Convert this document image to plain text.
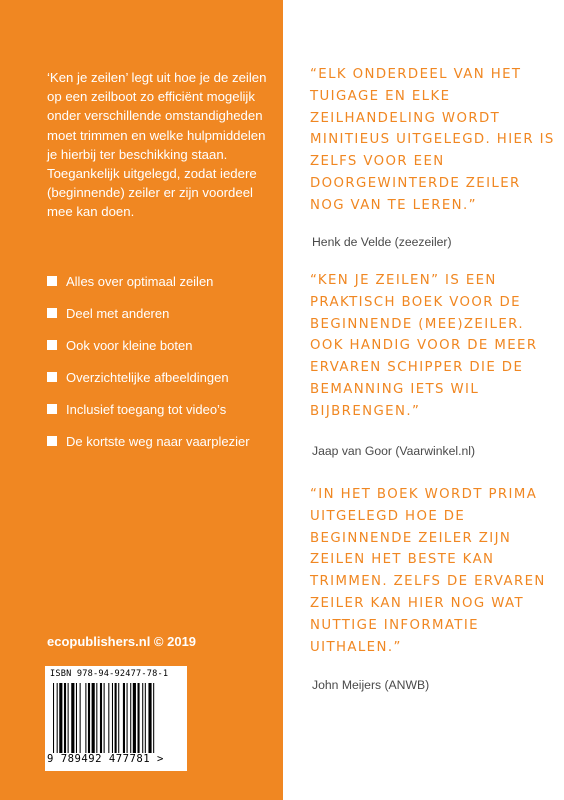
‘Ken je zeilen’ legt uit hoe je de zeilen op een zeilboot zo efficiënt mogelijk onder verschillende omstandigheden moet trimmen en welke hulpmiddelen je hierbij ter beschikking staan. Toegankelijk uitgelegd, zodat iedere (beginnende) zeiler er zijn voordeel mee kan doen.

Alles over optimaal zeilen
Deel met anderen
Ook voor kleine boten
Overzichtelijke afbeeldingen
Inclusief toegang tot video’s
De kortste weg naar vaarplezier

ecopublishers.nl © 2019

ISBN 978-94-92477-78-1
9 789492 477781 >

“ELK ONDERDEEL VAN HET TUIGAGE EN ELKE ZEILHANDELING WORDT MINITIEUS UITGELEGD. HIER IS ZELFS VOOR EEN DOORGEWINTERDE ZEILER NOG VAN TE LEREN.”

Henk de Velde (zeezeiler)

“KEN JE ZEILEN” IS EEN PRAKTISCH BOEK VOOR DE BEGINNENDE (MEE)ZEILER. OOK HANDIG VOOR DE MEER ERVAREN SCHIPPER DIE DE BEMANNING IETS WIL BIJBRENGEN.”

Jaap van Goor (Vaarwinkel.nl)

“IN HET BOEK WORDT PRIMA UITGELEGD HOE DE BEGINNENDE ZEILER ZIJN ZEILEN HET BESTE KAN TRIMMEN. ZELFS DE ERVAREN ZEILER KAN HIER NOG WAT NUTTIGE INFORMATIE UITHALEN.”

John Meijers (ANWB)
